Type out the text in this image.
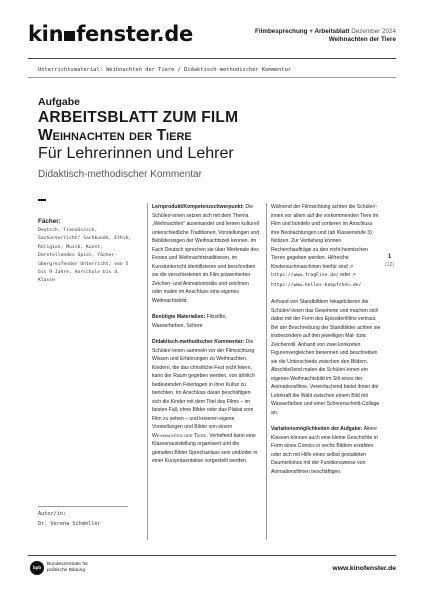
kin fenster.de	Filmbesprechung + Arbeitsblatt Dezember 2024
Weihnachten der Tiere
Unterrichtsmaterial: Weihnachten der Tiere / Didaktisch-methodischer Kommentar
Aufgabe
ARBEITSBLATT ZUM FILM
Weihnachten der Tiere
Für Lehrerinnen und Lehrer
Didaktisch-methodischer Kommentar
Fächer:
Deutsch, Französisch, Sachunterricht/ Sachkunde, Ethik, Religion, Musik, Kunst, Darstellendes Spiel, fächer-übergreifender Unterricht, von 5 bis 9 Jahre, Vorschule bis 4. Klasse
Autor/in:
Dr. Verena Schmöller

Lernprodukt/Kompetenzschwerpunkt: Die Schüler/-innen setzen sich mit dem Thema „Weihnachten“ auseinander und lernen kulturell unterschiedliche Traditionen, Vorstellungen und Bebilderungen der Weihnachtszeit kennen. Im Fach Deutsch sprechen sie über Merkmale des Festes und Weihnachtstraditionen, im Kunstunterricht identifizieren und beschreiben sie die verschiedenen im Film präsentierten Zeichen- und Animationsstile und zeichnen oder malen im Anschluss eine eigenes Weihnachtsbild.

Benötigte Materialien: Filzstifte, Wasserfarben, Schere

Didaktisch-methodischer Kommentar: Die Schüler/-innen sammeln vor der Filmsichtung Wissen und Erfahrungen zu Weihnachten. Kindern, die das christliche Fest nicht feiern, kann der Raum gegeben werden, von ähnlich bedeutenden Feiertagen in ihrer Kultur zu berichten. Im Anschluss daran beschäftigen sich die Kinder mit dem Titel des Films – im besten Fall, ohne Bilder oder das Plakat vom Film zu sehen – und kreieren eigene Vorstellungen und Bilder von einem Weihnachten der Tiere. Vertiefend kann eine Klassenausstellung organisiert und die gemalten Bilder Sprechanlass sein und/oder in einer Kurzpräsentation vorgestellt werden.

Während der Filmsichtung achten die Schüler/-innen vor allem auf die vorkommenden Tiere im Film und bündeln und sortieren im Anschluss ihre Beobachtungen und (ab Klassenstufe 3) Notizen. Zur Vertiefung können Recherchaufträge zu den nicht-heimischen Tieren gegeben werden. Hilfreiche Kindersuchmaschinen hierfür sind ↗https://www.fragFinn.de/ oder ↗https://www.helles-koepfchen.de/

Anhand von Standbildern rekapitulieren die Schüler/-innen das Gesehene und machen sich dabei mit der Form des Episodenfilms vertraut. Bei der Beschreibung der Standbilder achten sie insbesondere auf den jeweiligen Mal- bzw. Zeichenstil. Anhand von zwei konkreten Figurenvergleichen benennen und beschreiben sie die Unterschiede zwischen den Bildern. Abschließend malen die Schüler/-innen ein eigenes Weihnachtsbild im Stil eines der Animationsfilme. Vereinfachend bietet ihnen die Lehrkraft die Wahl zwischen einem Bild mit Wasserfarben und einer Scherenschnitt-Collage an.

Variationsmöglichkeiten der Aufgabe: Ältere Klassen können auch eine kleine Geschichte in Form eines Comics in sechs Bildern erzählen oder sich mit Hilfe eines selbst gestalteten Daumenkinos mit der Funktionsweise von Animationsfilmen beschäftigen.

1
(12)
bpb
Bundeszentrale für
politische Bildung	www.kinofenster.de
